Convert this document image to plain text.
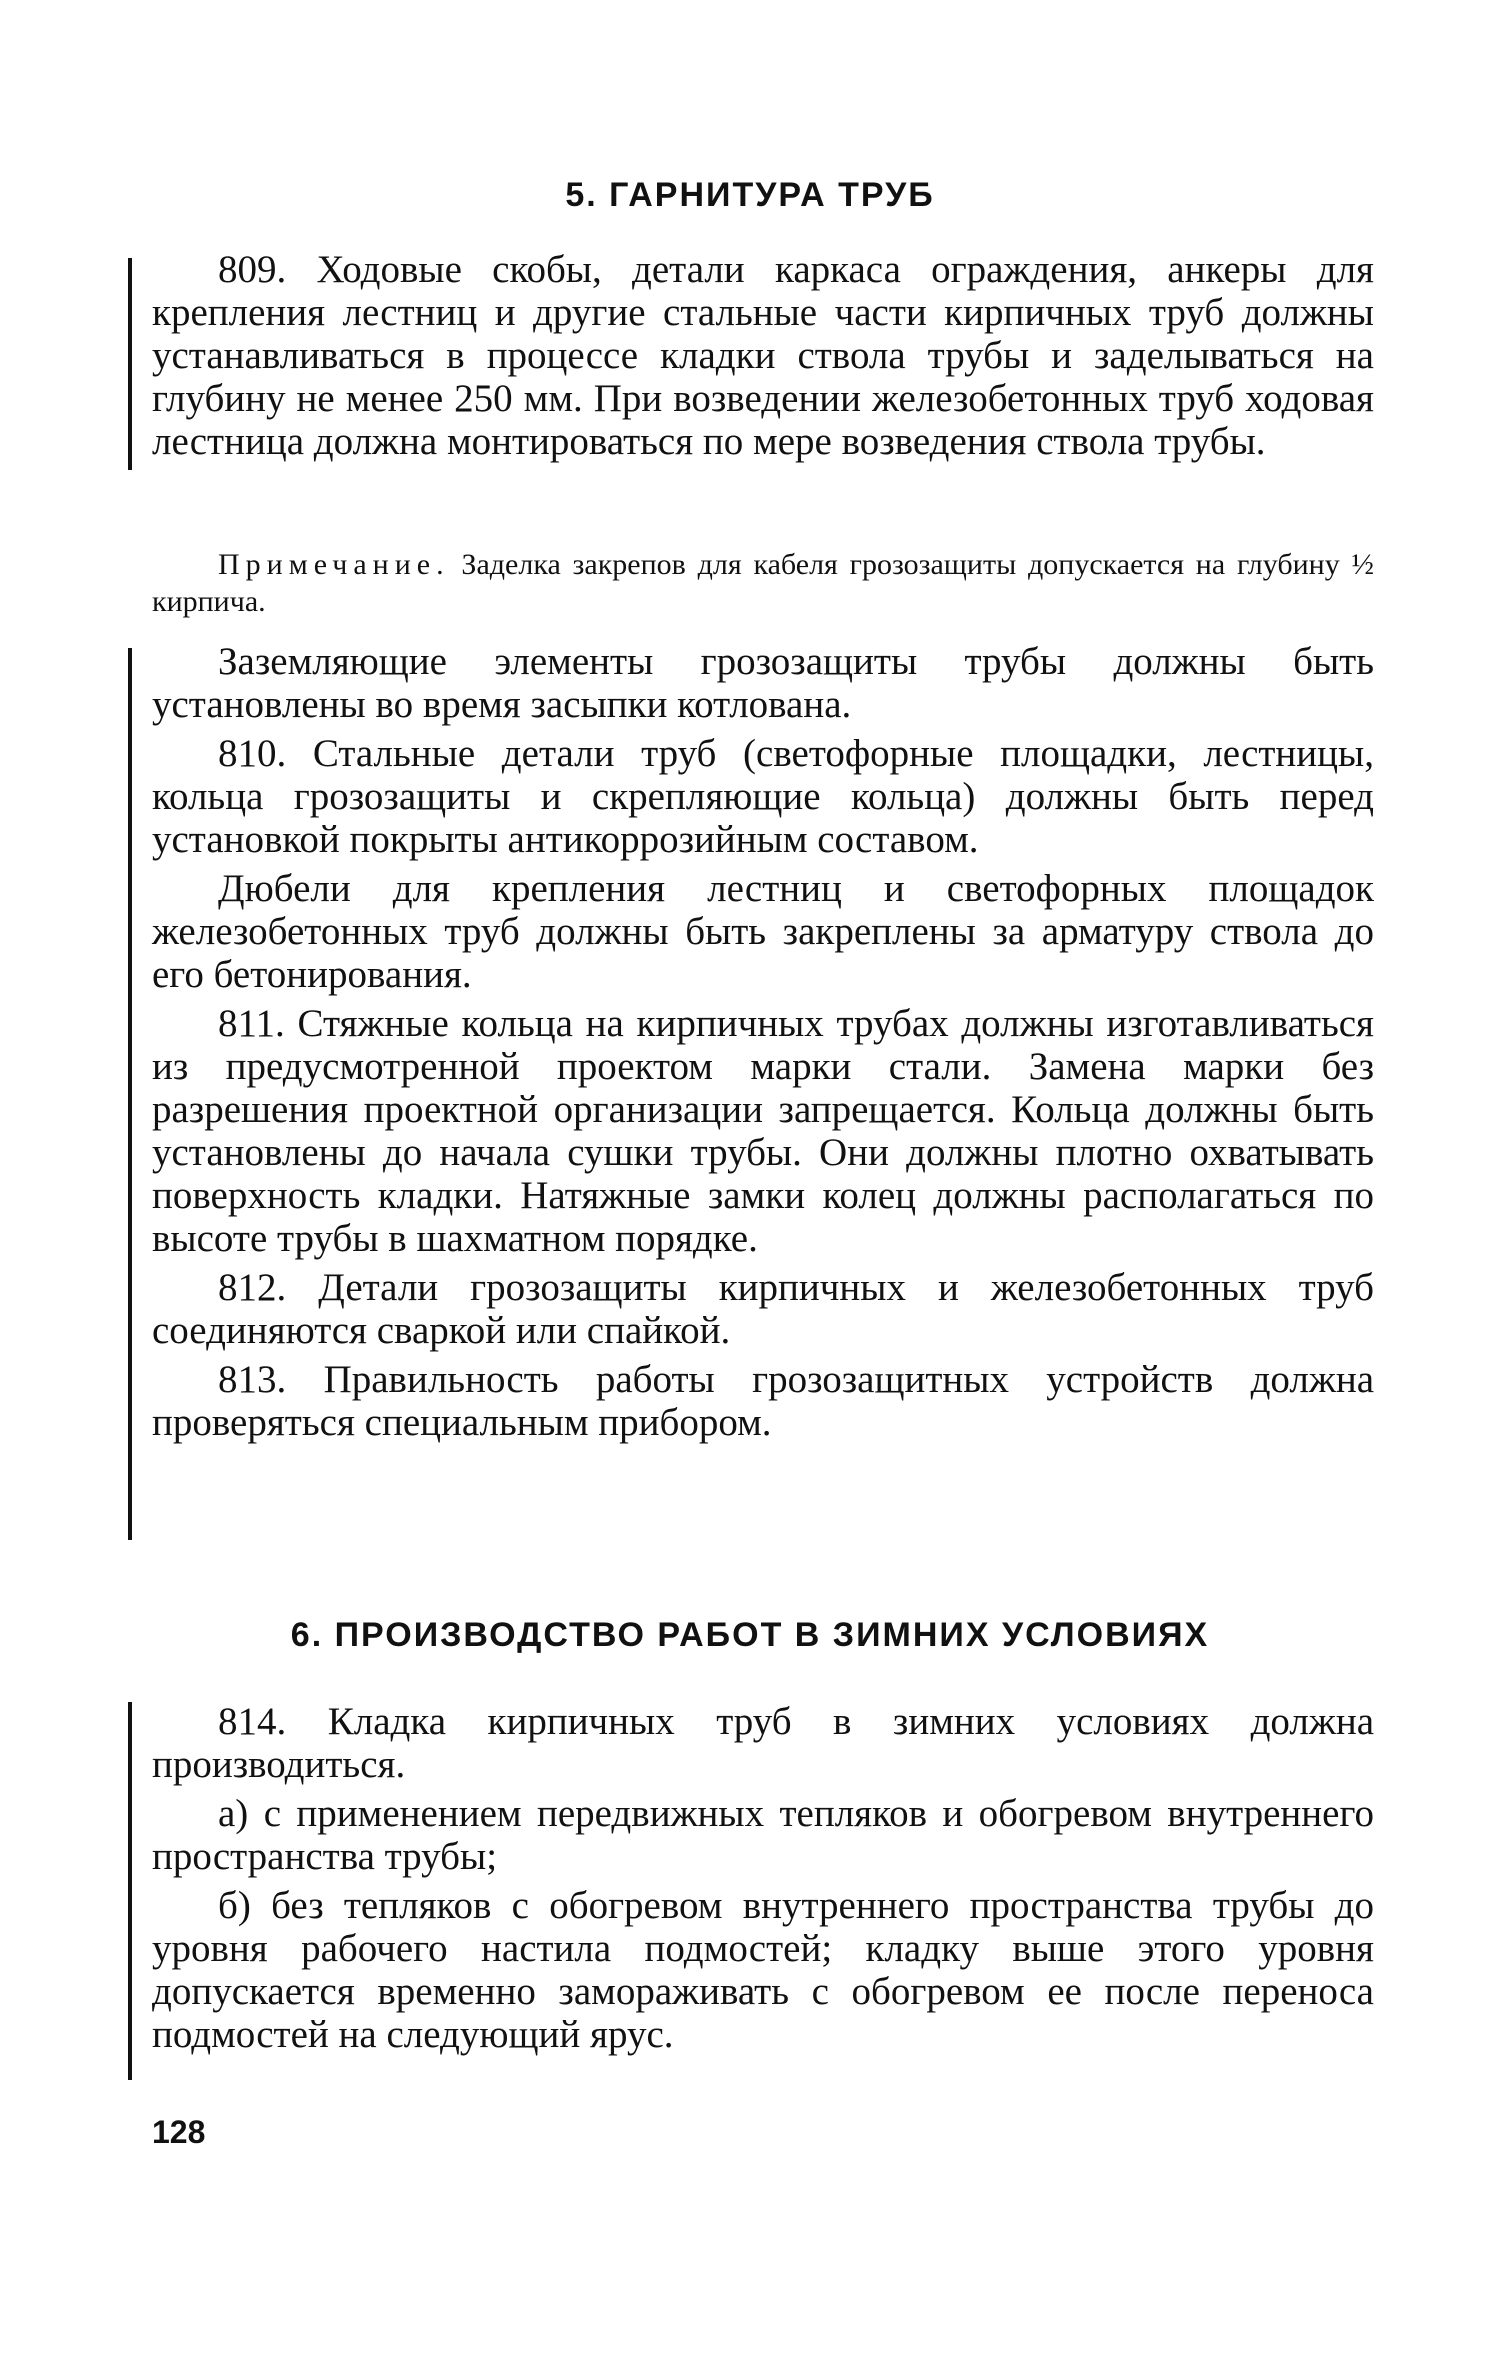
5. ГАРНИТУРА ТРУБ

809. Ходовые скобы, детали каркаса ограждения, анкеры для крепления лестниц и другие стальные части кирпичных труб должны устанавливаться в процессе кладки ствола трубы и заделываться на глубину не менее 250 мм. При возведении железобетонных труб ходовая лестница должна монтироваться по мере возведения ствола трубы.

Примечание. Заделка закрепов для кабеля грозозащиты допускается на глубину ½ кирпича.

Заземляющие элементы грозозащиты трубы должны быть установлены во время засыпки котлована.

810. Стальные детали труб (светофорные площадки, лестницы, кольца грозозащиты и скрепляющие кольца) должны быть перед установкой покрыты антикоррозийным составом.

Дюбели для крепления лестниц и светофорных площадок железобетонных труб должны быть закреплены за арматуру ствола до его бетонирования.

811. Стяжные кольца на кирпичных трубах должны изготавливаться из предусмотренной проектом марки стали. Замена марки без разрешения проектной организации запрещается. Кольца должны быть установлены до начала сушки трубы. Они должны плотно охватывать поверхность кладки. Натяжные замки колец должны располагаться по высоте трубы в шахматном порядке.

812. Детали грозозащиты кирпичных и железобетонных труб соединяются сваркой или спайкой.

813. Правильность работы грозозащитных устройств должна проверяться специальным прибором.

6. ПРОИЗВОДСТВО РАБОТ В ЗИМНИХ УСЛОВИЯХ

814. Кладка кирпичных труб в зимних условиях должна производиться.

а) с применением передвижных тепляков и обогревом внутреннего пространства трубы;

б) без тепляков с обогревом внутреннего пространства трубы до уровня рабочего настила подмостей; кладку выше этого уровня допускается временно замораживать с обогревом ее после переноса подмостей на следующий ярус.

128
